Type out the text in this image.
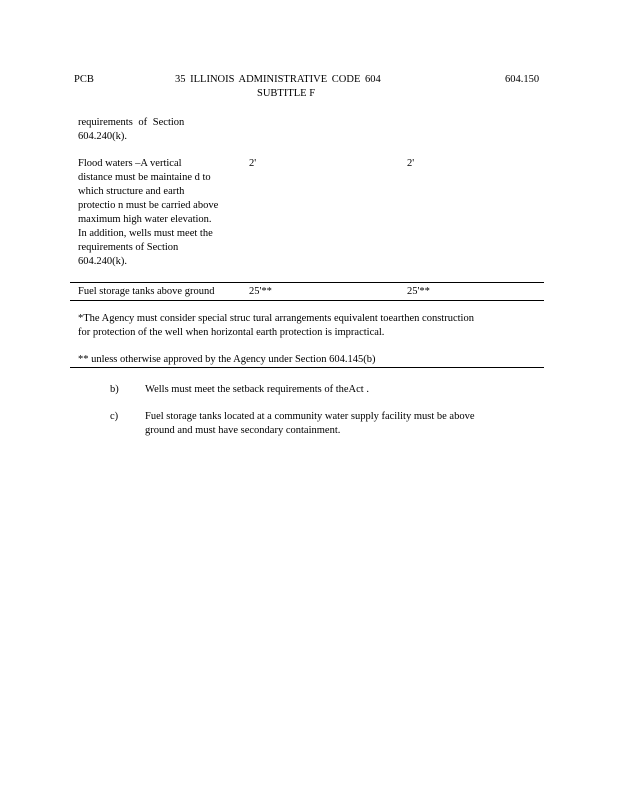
PCB	35 ILLINOIS ADMINISTRATIVE CODE 604
SUBTITLE F
604.150
requirements of Section
604.240(k).
Flood waters –A vertical
distance must be maintaine d to
which structure and earth
protectio n must be carried above
maximum high water elevation.
In addition, wells must meet the
requirements of Section
604.240(k).
2'	2'
Fuel storage tanks above ground	25'**	25'**
*The Agency must consider special struc tural arrangements equivalent toearthen construction
for protection of the well when horizontal earth protection is impractical.
** unless otherwise approved by the Agency under Section 604.145(b)
b)	Wells must meet the setback requirements of theAct .
c)	Fuel storage tanks located at a community water supply facility must be above
ground and must have secondary containment.
